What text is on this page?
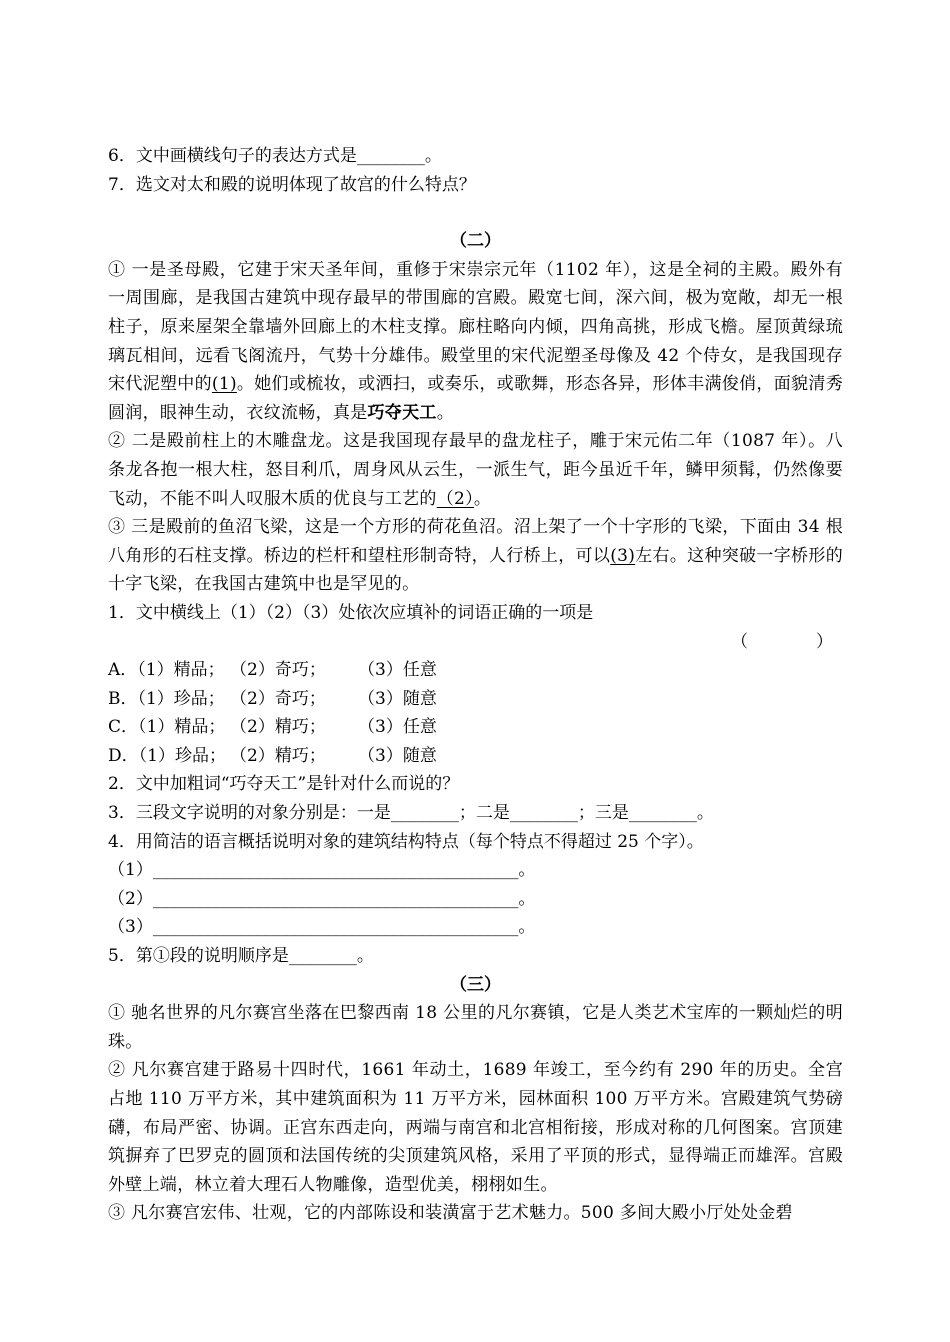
6．文中画横线句子的表达方式是________。
7．选文对太和殿的说明体现了故宫的什么特点？
（二）
① 一是圣母殿，它建于宋天圣年间，重修于宋崇宗元年（1102 年），这是全祠的主殿。殿外有一周围廊，是我国古建筑中现存最早的带围廊的宫殿。殿宽七间，深六间，极为宽敞，却无一根柱子，原来屋架全靠墙外回廊上的木柱支撑。廊柱略向内倾，四角高挑，形成飞檐。屋顶黄绿琉璃瓦相间，远看飞阁流丹，气势十分雄伟。殿堂里的宋代泥塑圣母像及 42 个侍女，是我国现存宋代泥塑中的(1)。她们或梳妆，或洒扫，或奏乐，或歌舞，形态各异，形体丰满俊俏，面貌清秀圆润，眼神生动，衣纹流畅，真是巧夺天工。
② 二是殿前柱上的木雕盘龙。这是我国现存最早的盘龙柱子，雕于宋元佑二年（1087 年）。八条龙各抱一根大柱，怒目利爪，周身风从云生，一派生气，距今虽近千年，鳞甲须髯，仍然像要飞动，不能不叫人叹服木质的优良与工艺的（2）。
③ 三是殿前的鱼沼飞梁，这是一个方形的荷花鱼沼。沼上架了一个十字形的飞梁，下面由 34 根八角形的石柱支撑。桥边的栏杆和望柱形制奇特，人行桥上，可以(3)左右。这种突破一字桥形的十字飞梁，在我国古建筑中也是罕见的。
1．文中横线上（1）（2）（3）处依次应填补的词语正确的一项是
（　　　　）
A．（1）精品； （2）奇巧； （3）任意
B．（1）珍品； （2）奇巧； （3）随意
C．（1）精品； （2）精巧； （3）任意
D．（1）珍品； （2）精巧； （3）随意
2．文中加粗词“巧夺天工”是针对什么而说的？
3．三段文字说明的对象分别是：一是________；二是________；三是________。
4．用简洁的语言概括说明对象的建筑结构特点（每个特点不得超过 25 个字）。
（1）___________________________________________。
（2）___________________________________________。
（3）___________________________________________。
5．第①段的说明顺序是________。
（三）
① 驰名世界的凡尔赛宫坐落在巴黎西南 18 公里的凡尔赛镇，它是人类艺术宝库的一颗灿烂的明珠。
② 凡尔赛宫建于路易十四时代，1661 年动土，1689 年竣工，至今约有 290 年的历史。全宫占地 110 万平方米，其中建筑面积为 11 万平方米，园林面积 100 万平方米。宫殿建筑气势磅礴，布局严密、协调。正宫东西走向，两端与南宫和北宫相衔接，形成对称的几何图案。宫顶建筑摒弃了巴罗克的圆顶和法国传统的尖顶建筑风格，采用了平顶的形式，显得端正而雄浑。宫殿外壁上端，林立着大理石人物雕像，造型优美，栩栩如生。
③ 凡尔赛宫宏伟、壮观，它的内部陈设和装潢富于艺术魅力。500 多间大殿小厅处处金碧
